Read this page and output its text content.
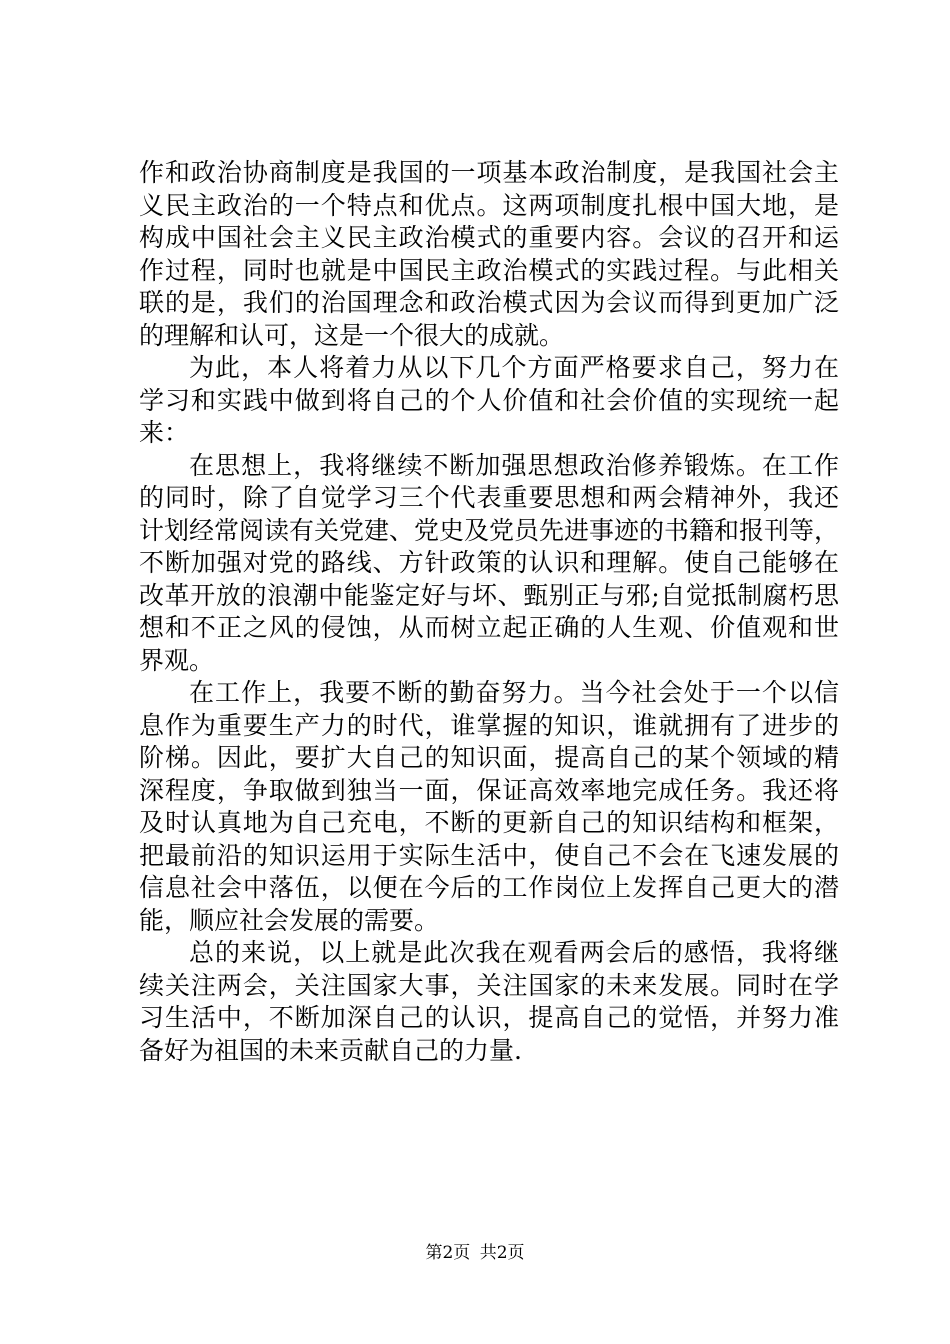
作和政治协商制度是我国的一项基本政治制度，是我国社会主
义民主政治的一个特点和优点。这两项制度扎根中国大地，是
构成中国社会主义民主政治模式的重要内容。会议的召开和运
作过程，同时也就是中国民主政治模式的实践过程。与此相关
联的是，我们的治国理念和政治模式因为会议而得到更加广泛
的理解和认可，这是一个很大的成就。
为此，本人将着力从以下几个方面严格要求自己，努力在
学习和实践中做到将自己的个人价值和社会价值的实现统一起
来：
在思想上，我将继续不断加强思想政治修养锻炼。在工作
的同时，除了自觉学习三个代表重要思想和两会精神外，我还
计划经常阅读有关党建、党史及党员先进事迹的书籍和报刊等，
不断加强对党的路线、方针政策的认识和理解。使自己能够在
改革开放的浪潮中能鉴定好与坏、甄别正与邪;自觉抵制腐朽思
想和不正之风的侵蚀，从而树立起正确的人生观、价值观和世
界观。
在工作上，我要不断的勤奋努力。当今社会处于一个以信
息作为重要生产力的时代，谁掌握的知识，谁就拥有了进步的
阶梯。因此，要扩大自己的知识面，提高自己的某个领域的精
深程度，争取做到独当一面，保证高效率地完成任务。我还将
及时认真地为自己充电，不断的更新自己的知识结构和框架，
把最前沿的知识运用于实际生活中，使自己不会在飞速发展的
信息社会中落伍，以便在今后的工作岗位上发挥自己更大的潜
能，顺应社会发展的需要。
总的来说，以上就是此次我在观看两会后的感悟，我将继
续关注两会，关注国家大事，关注国家的未来发展。同时在学
习生活中，不断加深自己的认识，提高自己的觉悟，并努力准
备好为祖国的未来贡献自己的力量.
第2页 共2页
